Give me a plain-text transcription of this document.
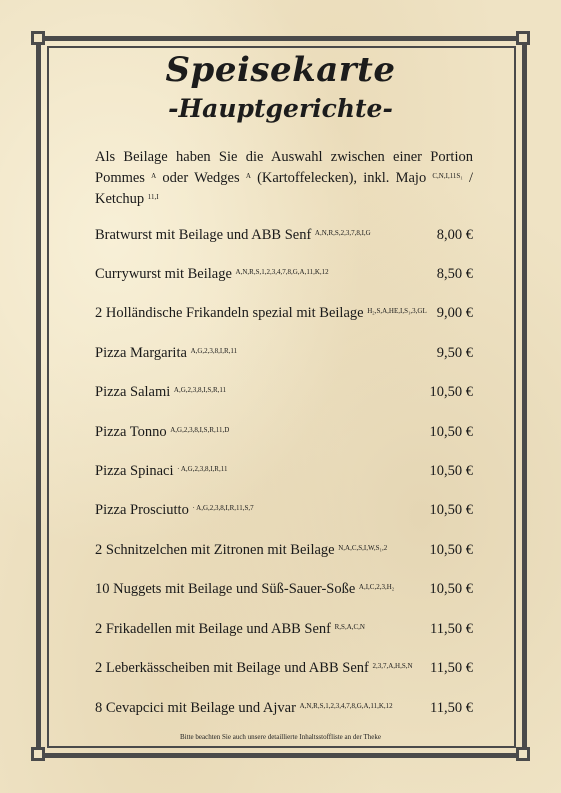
Speisekarte
-Hauptgerichte-
Als Beilage haben Sie die Auswahl zwischen einer Portion Pommes $^A$ oder Wedges $^A$ (Kartoffelecken), inkl. Majo $^{C,N,I,11S_1}$ / Ketchup $^{11,I}$
Bratwurst mit Beilage und ABB Senf $^{A,N,R,S,2,3,7,8,I,G}$	8,00 €
Currywurst mit Beilage $^{A,N,R,S,1,2,3,4,7,8,G,A,11,K,12}$	8,50 €
2 Holländische Frikandeln spezial mit Beilage $^{H_2,S,A,HE,I,S_1,3,GL}$ 9,00 €
Pizza Margarita $^{A,G,2,3,8,I,R,11}$	9,50 €
Pizza Salami $^{A,G,2,3,8,I,S,R,11}$	10,50 €
Pizza Tonno $^{A,G,2,3,8,I,S,R,11,D}$	10,50 €
Pizza Spinaci $^{\cdot A,G,2,3,8,I,R,11}$	10,50 €
Pizza Prosciutto $^{\cdot A,G,2,3,8,I,R,11,S,7}$	10,50 €
2 Schnitzelchen mit Zitronen mit Beilage $^{N,A,C,S,I,W,S_1,2}$	10,50 €
10 Nuggets mit Beilage und Süß-Sauer-Soße $^{A,I,C,2,3,H_2}$ 10,50 €
2 Frikadellen mit Beilage und ABB Senf $^{R,S,A,C,N}$	11,50 €
2 Leberkässcheiben mit Beilage und ABB Senf $^{2,3,7,A,H,S,N}$ 11,50 €
8 Cevapcici mit Beilage und Ajvar $^{A,N,R,S,1,2,3,4,7,8,G,A,11,K,12}$	11,50 €
Bitte beachten Sie auch unsere detaillierte Inhaltsstoffliste an der Theke
